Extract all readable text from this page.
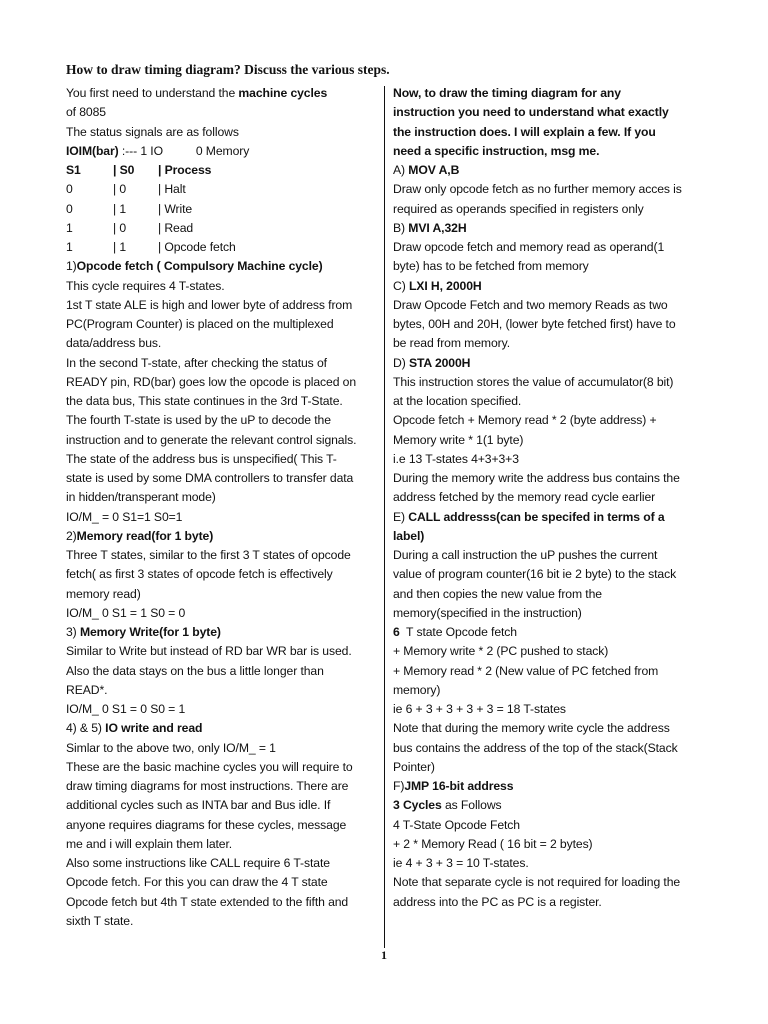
How to draw timing diagram? Discuss the various steps.
You first need to understand the machine cycles
of 8085
The status signals are as follows
IOIM(bar) :--- 1 IO          0 Memory
S1	| S0	| Process
0	| 0	| Halt
0	| 1	| Write
1	| 0	| Read
1	| 1	| Opcode fetch
1)Opcode fetch ( Compulsory Machine cycle)
This cycle requires 4 T-states.
1st T state ALE is high and lower byte of address from
PC(Program Counter) is placed on the multiplexed
data/address bus.
In the second T-state, after checking the status of
READY pin, RD(bar) goes low the opcode is placed on
the data bus, This state continues in the 3rd T-State.
The fourth T-state is used by the uP to decode the
instruction and to generate the relevant control signals.
The state of the address bus is unspecified( This T-
state is used by some DMA controllers to transfer data
in hidden/transperant mode)
IO/M_ = 0 S1=1 S0=1
2)Memory read(for 1 byte)
Three T states, similar to the first 3 T states of opcode
fetch( as first 3 states of opcode fetch is effectively
memory read)
IO/M_ 0 S1 = 1 S0 = 0
3) Memory Write(for 1 byte)
Similar to Write but instead of RD bar WR bar is used.
Also the data stays on the bus a little longer than
READ*.
IO/M_ 0 S1 = 0 S0 = 1
4) & 5) IO write and read
Simlar to the above two, only IO/M_ = 1
These are the basic machine cycles you will require to
draw timing diagrams for most instructions. There are
additional cycles such as INTA bar and Bus idle. If
anyone requires diagrams for these cycles, message
me and i will explain them later.
Also some instructions like CALL require 6 T-state
Opcode fetch. For this you can draw the 4 T state
Opcode fetch but 4th T state extended to the fifth and
sixth T state.
Now, to draw the timing diagram for any
instruction you need to understand what exactly
the instruction does. I will explain a few. If you
need a specific instruction, msg me.
A) MOV A,B
Draw only opcode fetch as no further memory acces is
required as operands specified in registers only
B) MVI A,32H
Draw opcode fetch and memory read as operand(1
byte) has to be fetched from memory
C) LXI H, 2000H
Draw Opcode Fetch and two memory Reads as two
bytes, 00H and 20H, (lower byte fetched first) have to
be read from memory.
D) STA 2000H
This instruction stores the value of accumulator(8 bit)
at the location specified.
Opcode fetch + Memory read * 2 (byte address) +
Memory write * 1(1 byte)
i.e 13 T-states 4+3+3+3
During the memory write the address bus contains the
address fetched by the memory read cycle earlier
E) CALL addresss(can be specifed in terms of a
label)
During a call instruction the uP pushes the current
value of program counter(16 bit ie 2 byte) to the stack
and then copies the new value from the
memory(specified in the instruction)
6  T state Opcode fetch
+ Memory write * 2 (PC pushed to stack)
+ Memory read * 2 (New value of PC fetched from
memory)
ie 6 + 3 + 3 + 3 + 3 = 18 T-states
Note that during the memory write cycle the address
bus contains the address of the top of the stack(Stack
Pointer)
F)JMP 16-bit address
3 Cycles as Follows
4 T-State Opcode Fetch
+ 2 * Memory Read ( 16 bit = 2 bytes)
ie 4 + 3 + 3 = 10 T-states.
Note that separate cycle is not required for loading the
address into the PC as PC is a register.
1
